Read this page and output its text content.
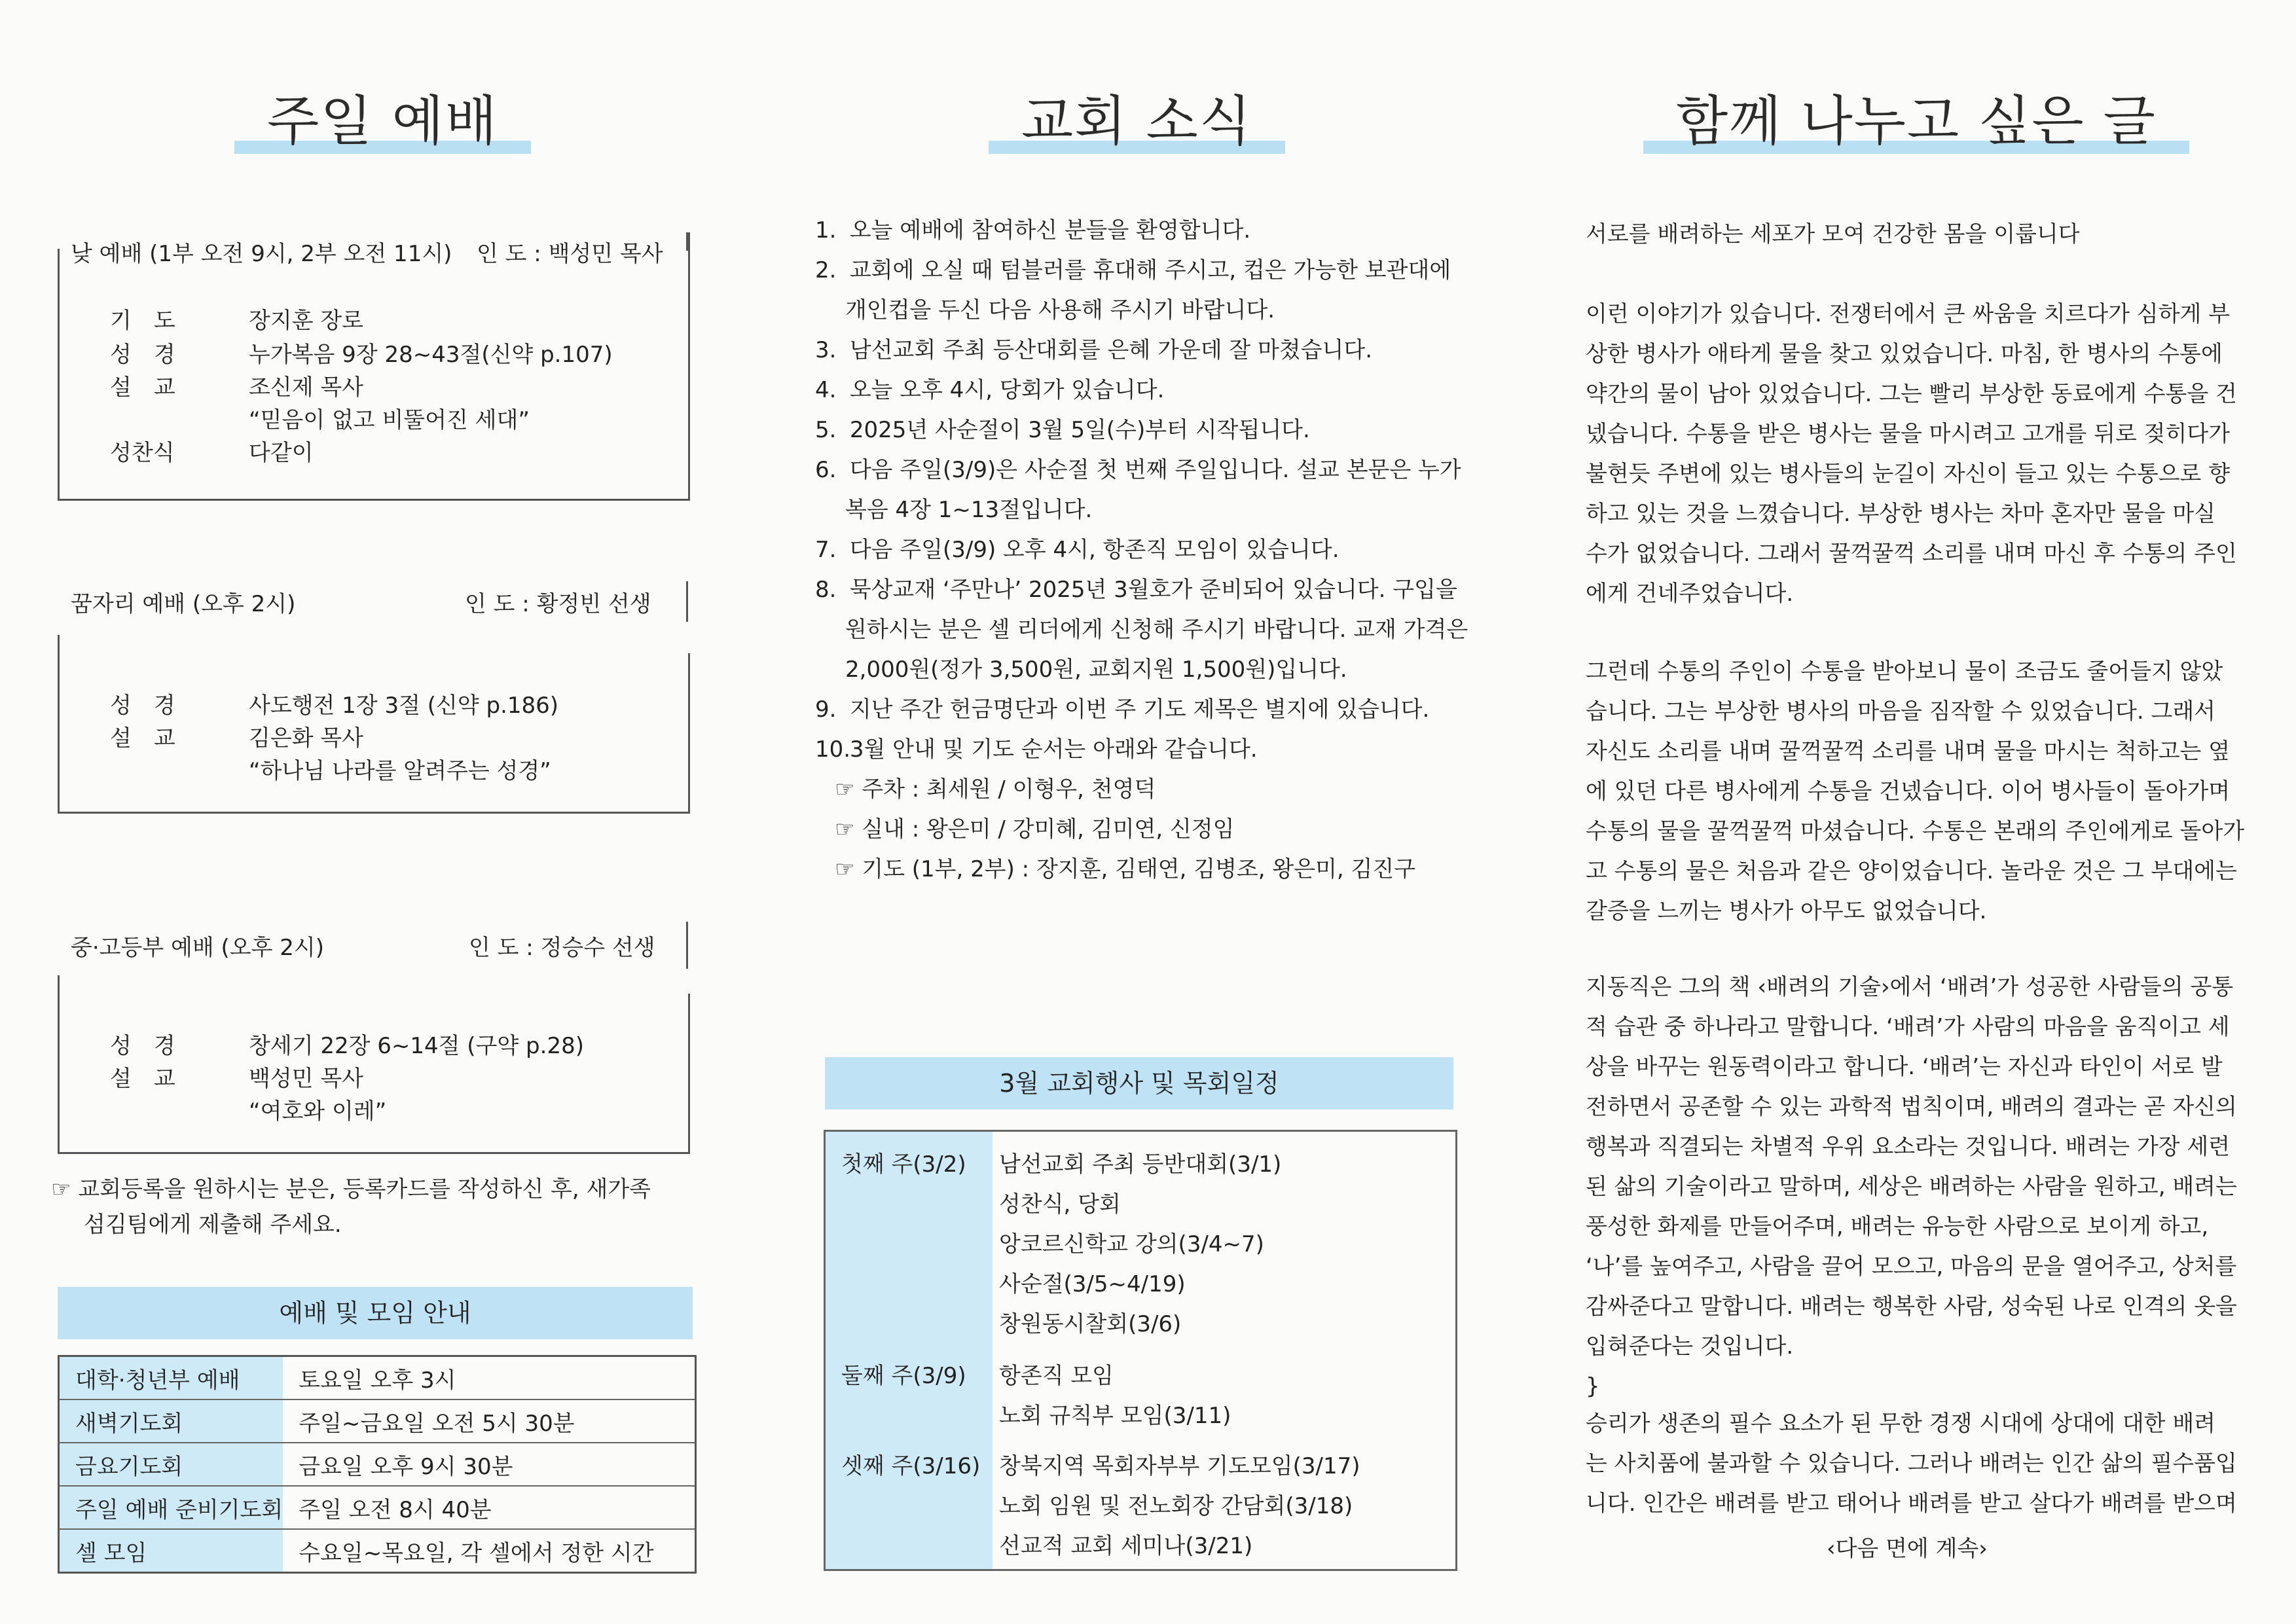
주일 예배
낮 예배 (1부 오전 9시, 2부 오전 11시) 인 도 : 백성민 목사
기　도	장지훈 장로
성　경	누가복음 9장 28~43절(신약 p.107)
설　교	조신제 목사
“믿음이 없고 비뚤어진 세대”
성찬식	다같이
꿈자리 예배 (오후 2시)	인 도 : 황정빈 선생
성　경	사도행전 1장 3절 (신약 p.186)
설　교	김은화 목사
“하나님 나라를 알려주는 성경”
중·고등부 예배 (오후 2시)	인 도 : 정승수 선생
성　경	창세기 22장 6~14절 (구약 p.28)
설　교	백성민 목사
“여호와 이레”
☞ 교회등록을 원하시는 분은, 등록카드를 작성하신 후, 새가족
섬김팀에게 제출해 주세요.
예배 및 모임 안내
대학·청년부 예배	토요일 오후 3시
새벽기도회	주일~금요일 오전 5시 30분
금요기도회	금요일 오후 9시 30분
주일 예배 준비기도회	주일 오전 8시 40분
셀 모임	수요일~목요일, 각 셀에서 정한 시간
교회 소식
1. 오늘 예배에 참여하신 분들을 환영합니다.
2. 교회에 오실 때 텀블러를 휴대해 주시고, 컵은 가능한 보관대에
개인컵을 두신 다음 사용해 주시기 바랍니다.
3. 남선교회 주최 등산대회를 은혜 가운데 잘 마쳤습니다.
4. 오늘 오후 4시, 당회가 있습니다.
5. 2025년 사순절이 3월 5일(수)부터 시작됩니다.
6. 다음 주일(3/9)은 사순절 첫 번째 주일입니다. 설교 본문은 누가
복음 4장 1~13절입니다.
7. 다음 주일(3/9) 오후 4시, 항존직 모임이 있습니다.
8. 묵상교재 ‘주만나’ 2025년 3월호가 준비되어 있습니다. 구입을
원하시는 분은 셀 리더에게 신청해 주시기 바랍니다. 교재 가격은
2,000원(정가 3,500원, 교회지원 1,500원)입니다.
9. 지난 주간 헌금명단과 이번 주 기도 제목은 별지에 있습니다.
10. 3월 안내 및 기도 순서는 아래와 같습니다.
☞ 주차 : 최세원 / 이형우, 천영덕
☞ 실내 : 왕은미 / 강미혜, 김미연, 신정임
☞ 기도 (1부, 2부) : 장지훈, 김태연, 김병조, 왕은미, 김진구
3월 교회행사 및 목회일정
첫째 주(3/2) 남선교회 주최 등반대회(3/1)
성찬식, 당회
앙코르신학교 강의(3/4~7)
사순절(3/5~4/19)
창원동시찰회(3/6)
둘째 주(3/9) 항존직 모임
노회 규칙부 모임(3/11)
셋째 주(3/16) 창북지역 목회자부부 기도모임(3/17)
노회 임원 및 전노회장 간담회(3/18)
선교적 교회 세미나(3/21)
함께 나누고 싶은 글
서로를 배려하는 세포가 모여 건강한 몸을 이룹니다
이런 이야기가 있습니다. 전쟁터에서 큰 싸움을 치르다가 심하게 부
상한 병사가 애타게 물을 찾고 있었습니다. 마침, 한 병사의 수통에
약간의 물이 남아 있었습니다. 그는 빨리 부상한 동료에게 수통을 건
넸습니다. 수통을 받은 병사는 물을 마시려고 고개를 뒤로 젖히다가
불현듯 주변에 있는 병사들의 눈길이 자신이 들고 있는 수통으로 향
하고 있는 것을 느꼈습니다. 부상한 병사는 차마 혼자만 물을 마실
수가 없었습니다. 그래서 꿀꺽꿀꺽 소리를 내며 마신 후 수통의 주인
에게 건네주었습니다.
그런데 수통의 주인이 수통을 받아보니 물이 조금도 줄어들지 않았
습니다. 그는 부상한 병사의 마음을 짐작할 수 있었습니다. 그래서
자신도 소리를 내며 꿀꺽꿀꺽 소리를 내며 물을 마시는 척하고는 옆
에 있던 다른 병사에게 수통을 건넸습니다. 이어 병사들이 돌아가며
수통의 물을 꿀꺽꿀꺽 마셨습니다. 수통은 본래의 주인에게로 돌아가
고 수통의 물은 처음과 같은 양이었습니다. 놀라운 것은 그 부대에는
갈증을 느끼는 병사가 아무도 없었습니다.
지동직은 그의 책 ‹배려의 기술›에서 ‘배려’가 성공한 사람들의 공통
적 습관 중 하나라고 말합니다. ‘배려’가 사람의 마음을 움직이고 세
상을 바꾸는 원동력이라고 합니다. ‘배려’는 자신과 타인이 서로 발
전하면서 공존할 수 있는 과학적 법칙이며, 배려의 결과는 곧 자신의
행복과 직결되는 차별적 우위 요소라는 것입니다. 배려는 가장 세련
된 삶의 기술이라고 말하며, 세상은 배려하는 사람을 원하고, 배려는
풍성한 화제를 만들어주며, 배려는 유능한 사람으로 보이게 하고,
‘나’를 높여주고, 사람을 끌어 모으고, 마음의 문을 열어주고, 상처를
감싸준다고 말합니다. 배려는 행복한 사람, 성숙된 나로 인격의 옷을
입혀준다는 것입니다.
}
승리가 생존의 필수 요소가 된 무한 경쟁 시대에 상대에 대한 배려
는 사치품에 불과할 수 있습니다. 그러나 배려는 인간 삶의 필수품입
니다. 인간은 배려를 받고 태어나 배려를 받고 살다가 배려를 받으며
‹다음 면에 계속›
